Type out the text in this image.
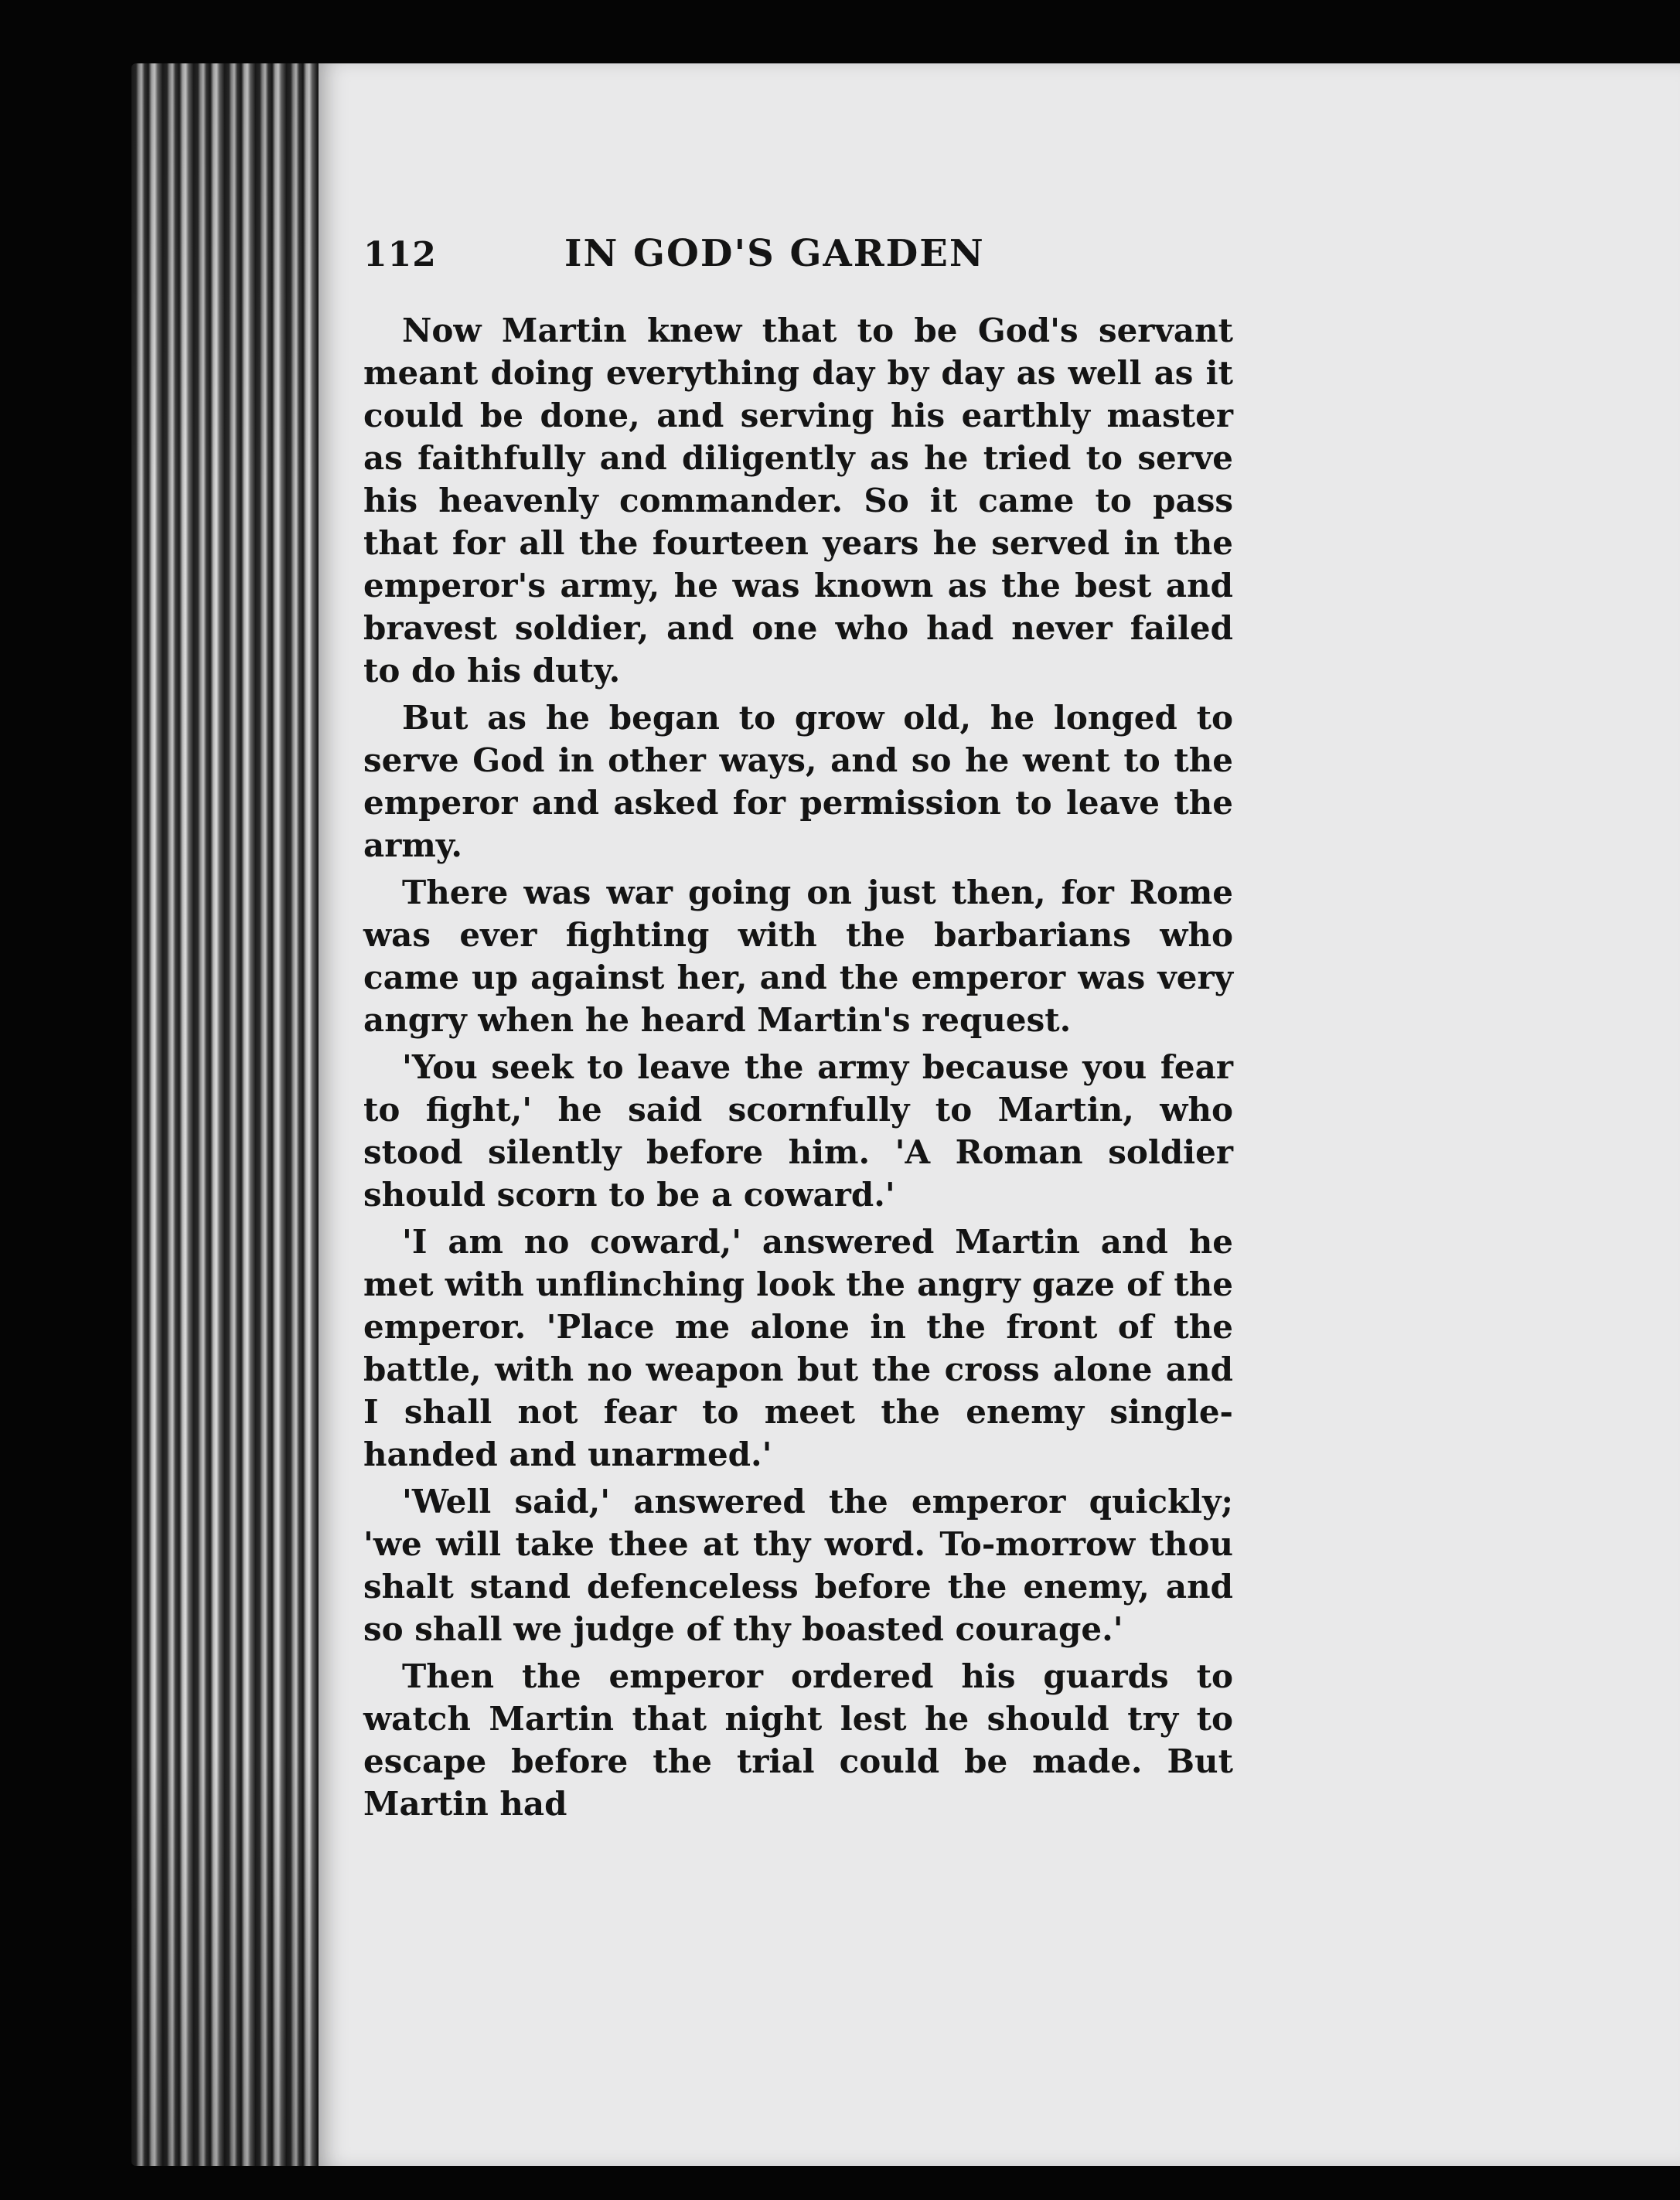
112	IN GOD'S GARDEN

Now Martin knew that to be God's servant meant doing everything day by day as well as it could be done, and serving his earthly master as faithfully and diligently as he tried to serve his heavenly commander. So it came to pass that for all the fourteen years he served in the emperor's army, he was known as the best and bravest soldier, and one who had never failed to do his duty.

But as he began to grow old, he longed to serve God in other ways, and so he went to the emperor and asked for permission to leave the army.

There was war going on just then, for Rome was ever fighting with the barbarians who came up against her, and the emperor was very angry when he heard Martin's request.

'You seek to leave the army because you fear to fight,' he said scornfully to Martin, who stood silently before him. 'A Roman soldier should scorn to be a coward.'

'I am no coward,' answered Martin and he met with unflinching look the angry gaze of the emperor. 'Place me alone in the front of the battle, with no weapon but the cross alone and I shall not fear to meet the enemy single-handed and unarmed.'

'Well said,' answered the emperor quickly; 'we will take thee at thy word. To-morrow thou shalt stand defenceless before the enemy, and so shall we judge of thy boasted courage.'

Then the emperor ordered his guards to watch Martin that night lest he should try to escape before the trial could be made. But Martin had
